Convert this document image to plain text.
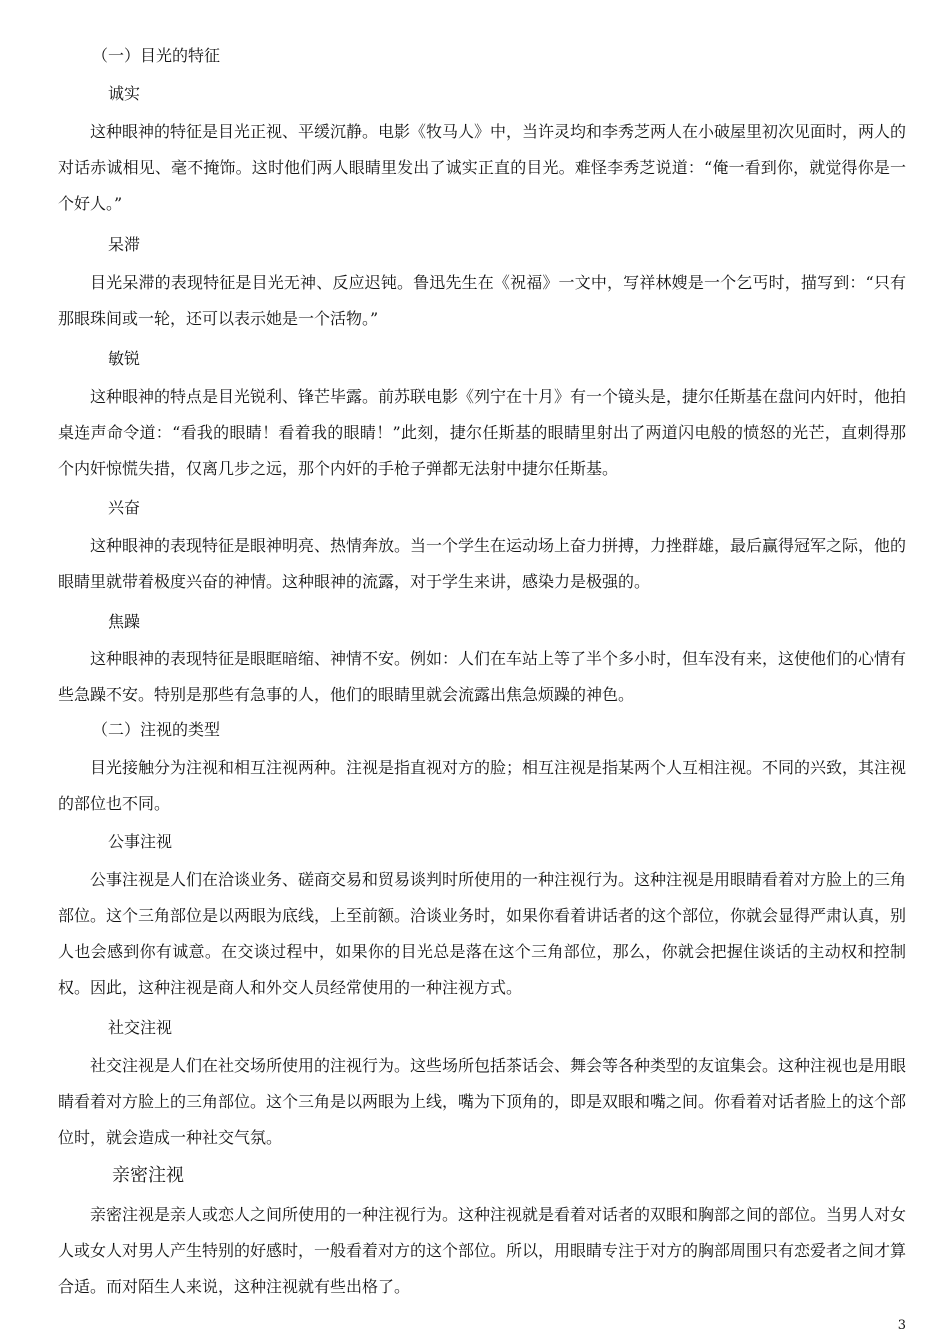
（一）目光的特征
诚实

这种眼神的特征是目光正视、平缓沉静。电影《牧马人》中，当许灵均和李秀芝两人在小破屋里初次见面时，两人的对话赤诚相见、毫不掩饰。这时他们两人眼睛里发出了诚实正直的目光。难怪李秀芝说道：“俺一看到你，就觉得你是一个好人。”

呆滞

目光呆滞的表现特征是目光无神、反应迟钝。鲁迅先生在《祝福》一文中，写祥林嫂是一个乞丐时，描写到：“只有那眼珠间或一轮，还可以表示她是一个活物。”

敏锐

这种眼神的特点是目光锐利、锋芒毕露。前苏联电影《列宁在十月》有一个镜头是，捷尔任斯基在盘问内奸时，他拍桌连声命令道：“看我的眼睛！看着我的眼睛！”此刻，捷尔任斯基的眼睛里射出了两道闪电般的愤怒的光芒，直刺得那个内奸惊慌失措，仅离几步之远，那个内奸的手枪子弹都无法射中捷尔任斯基。

兴奋

这种眼神的表现特征是眼神明亮、热情奔放。当一个学生在运动场上奋力拼搏，力挫群雄，最后赢得冠军之际，他的眼睛里就带着极度兴奋的神情。这种眼神的流露，对于学生来讲，感染力是极强的。

焦躁

这种眼神的表现特征是眼眶暗缩、神情不安。例如：人们在车站上等了半个多小时，但车没有来，这使他们的心情有些急躁不安。特别是那些有急事的人，他们的眼睛里就会流露出焦急烦躁的神色。

（二）注视的类型

目光接触分为注视和相互注视两种。注视是指直视对方的脸；相互注视是指某两个人互相注视。不同的兴致，其注视的部位也不同。

公事注视

公事注视是人们在洽谈业务、磋商交易和贸易谈判时所使用的一种注视行为。这种注视是用眼睛看着对方脸上的三角部位。这个三角部位是以两眼为底线，上至前额。洽谈业务时，如果你看着讲话者的这个部位，你就会显得严肃认真，别人也会感到你有诚意。在交谈过程中，如果你的目光总是落在这个三角部位，那么，你就会把握住谈话的主动权和控制权。因此，这种注视是商人和外交人员经常使用的一种注视方式。

社交注视

社交注视是人们在社交场所使用的注视行为。这些场所包括茶话会、舞会等各种类型的友谊集会。这种注视也是用眼睛看着对方脸上的三角部位。这个三角是以两眼为上线，嘴为下顶角的，即是双眼和嘴之间。你看着对话者脸上的这个部位时，就会造成一种社交气氛。

亲密注视

亲密注视是亲人或恋人之间所使用的一种注视行为。这种注视就是看着对话者的双眼和胸部之间的部位。当男人对女人或女人对男人产生特别的好感时，一般看着对方的这个部位。所以，用眼睛专注于对方的胸部周围只有恋爱者之间才算合适。而对陌生人来说，这种注视就有些出格了。

3
